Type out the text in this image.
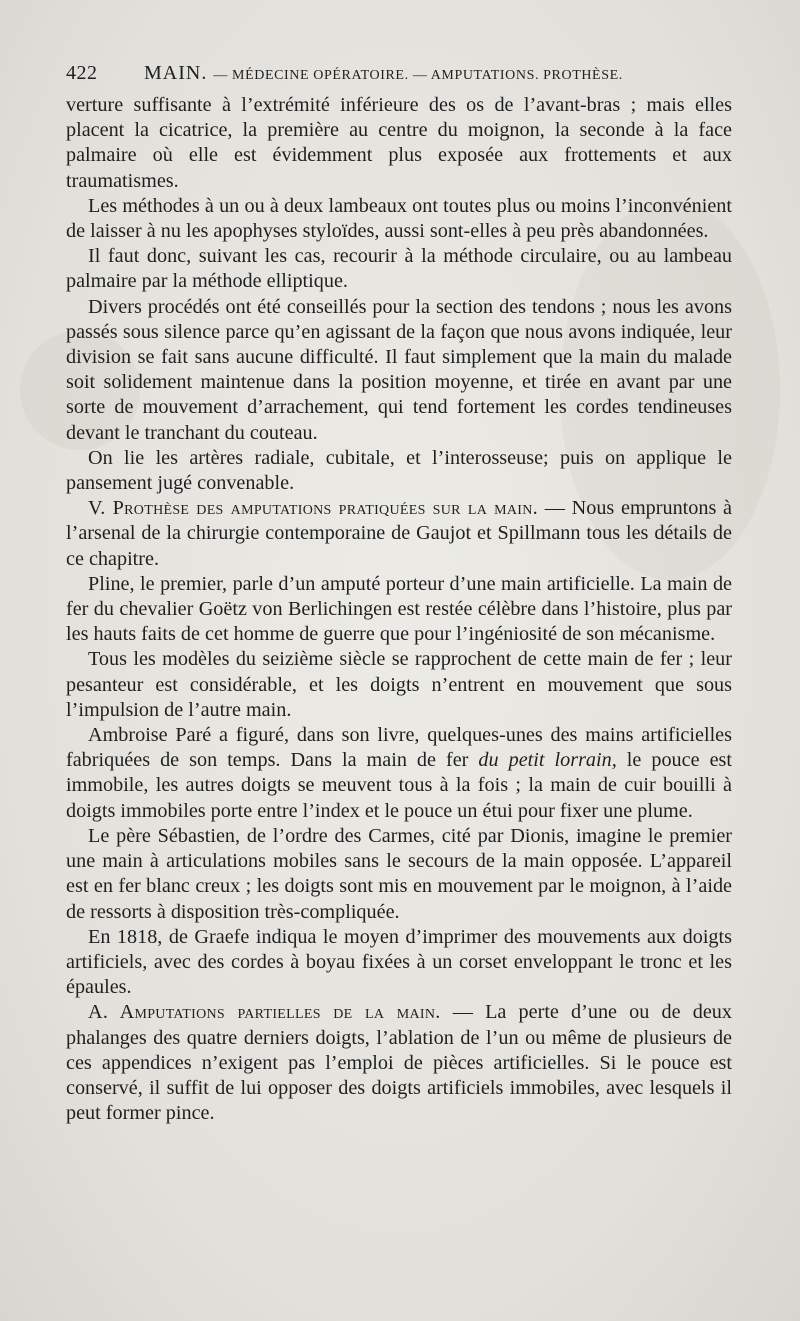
422 MAIN. — MÉDECINE OPÉRATOIRE. — AMPUTATIONS. PROTHÈSE.

verture suffisante à l’extrémité inférieure des os de l’avant-bras ; mais elles placent la cicatrice, la première au centre du moignon, la seconde à la face palmaire où elle est évidemment plus exposée aux frottements et aux traumatismes.

Les méthodes à un ou à deux lambeaux ont toutes plus ou moins l’inconvénient de laisser à nu les apophyses styloïdes, aussi sont-elles à peu près abandonnées.

Il faut donc, suivant les cas, recourir à la méthode circulaire, ou au lambeau palmaire par la méthode elliptique.

Divers procédés ont été conseillés pour la section des tendons ; nous les avons passés sous silence parce qu’en agissant de la façon que nous avons indiquée, leur division se fait sans aucune difficulté. Il faut simplement que la main du malade soit solidement maintenue dans la position moyenne, et tirée en avant par une sorte de mouvement d’arrachement, qui tend fortement les cordes tendineuses devant le tranchant du couteau.

On lie les artères radiale, cubitale, et l’interosseuse; puis on applique le pansement jugé convenable.

V. Prothèse des amputations pratiquées sur la main. — Nous empruntons à l’arsenal de la chirurgie contemporaine de Gaujot et Spillmann tous les détails de ce chapitre.

Pline, le premier, parle d’un amputé porteur d’une main artificielle. La main de fer du chevalier Goëtz von Berlichingen est restée célèbre dans l’histoire, plus par les hauts faits de cet homme de guerre que pour l’ingéniosité de son mécanisme.

Tous les modèles du seizième siècle se rapprochent de cette main de fer ; leur pesanteur est considérable, et les doigts n’entrent en mouvement que sous l’impulsion de l’autre main.

Ambroise Paré a figuré, dans son livre, quelques-unes des mains artificielles fabriquées de son temps. Dans la main de fer du petit lorrain, le pouce est immobile, les autres doigts se meuvent tous à la fois ; la main de cuir bouilli à doigts immobiles porte entre l’index et le pouce un étui pour fixer une plume.

Le père Sébastien, de l’ordre des Carmes, cité par Dionis, imagine le premier une main à articulations mobiles sans le secours de la main opposée. L’appareil est en fer blanc creux ; les doigts sont mis en mouvement par le moignon, à l’aide de ressorts à disposition très-compliquée.

En 1818, de Graefe indiqua le moyen d’imprimer des mouvements aux doigts artificiels, avec des cordes à boyau fixées à un corset enveloppant le tronc et les épaules.

A. Amputations partielles de la main. — La perte d’une ou de deux phalanges des quatre derniers doigts, l’ablation de l’un ou même de plusieurs de ces appendices n’exigent pas l’emploi de pièces artificielles. Si le pouce est conservé, il suffit de lui opposer des doigts artificiels immobiles, avec lesquels il peut former pince.
